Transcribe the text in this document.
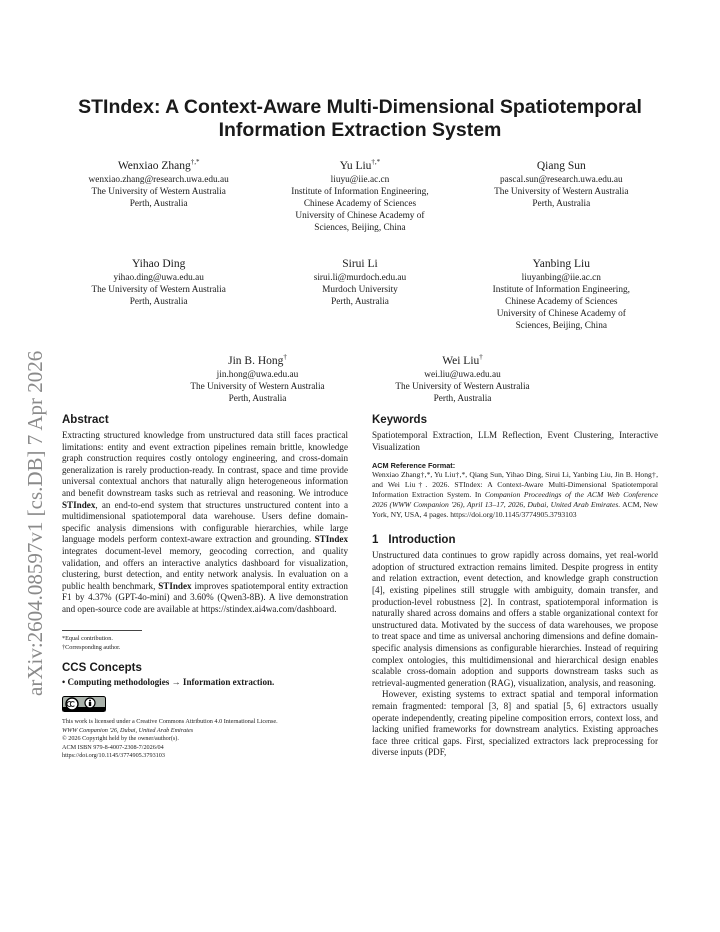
arXiv:2604.08597v1 [cs.DB] 7 Apr 2026
STIndex: A Context-Aware Multi-Dimensional Spatiotemporal Information Extraction System
Wenxiao Zhang†,*
wenxiao.zhang@research.uwa.edu.au
The University of Western Australia
Perth, Australia
Yu Liu†,*
liuyu@iie.ac.cn
Institute of Information Engineering,
Chinese Academy of Sciences
University of Chinese Academy of
Sciences, Beijing, China
Qiang Sun
pascal.sun@research.uwa.edu.au
The University of Western Australia
Perth, Australia
Yihao Ding
yihao.ding@uwa.edu.au
The University of Western Australia
Perth, Australia
Sirui Li
sirui.li@murdoch.edu.au
Murdoch University
Perth, Australia
Yanbing Liu
liuyanbing@iie.ac.cn
Institute of Information Engineering,
Chinese Academy of Sciences
University of Chinese Academy of
Sciences, Beijing, China
Jin B. Hong†
jin.hong@uwa.edu.au
The University of Western Australia
Perth, Australia
Wei Liu†
wei.liu@uwa.edu.au
The University of Western Australia
Perth, Australia
Abstract

Extracting structured knowledge from unstructured data still faces practical limitations: entity and event extraction pipelines remain brittle, knowledge graph construction requires costly ontology engineering, and cross-domain generalization is rarely production-ready. In contrast, space and time provide universal contextual anchors that naturally align heterogeneous information and benefit downstream tasks such as retrieval and reasoning. We introduce STIndex, an end-to-end system that structures unstructured content into a multidimensional spatiotemporal data warehouse. Users define domain-specific analysis dimensions with configurable hierarchies, while large language models perform context-aware extraction and grounding. STIndex integrates document-level memory, geocoding correction, and quality validation, and offers an interactive analytics dashboard for visualization, clustering, burst detection, and entity network analysis. In evaluation on a public health benchmark, STIndex improves spatiotemporal entity extraction F1 by 4.37% (GPT-4o-mini) and 3.60% (Qwen3-8B). A live demonstration and open-source code are available at https://stindex.ai4wa.com/dashboard.

*Equal contribution.
†Corresponding author.
CCS Concepts
• Computing methodologies → Information extraction.
This work is licensed under a Creative Commons Attribution 4.0 International License.
WWW Companion '26, Dubai, United Arab Emirates
© 2026 Copyright held by the owner/author(s).
ACM ISBN 979-8-4007-2308-7/2026/04
https://doi.org/10.1145/3774905.3793103
Keywords

Spatiotemporal Extraction, LLM Reflection, Event Clustering, Interactive Visualization

ACM Reference Format:
Wenxiao Zhang†,*, Yu Liu†,*, Qiang Sun, Yihao Ding, Sirui Li, Yanbing Liu, Jin B. Hong†, and Wei Liu†. 2026. STIndex: A Context-Aware Multi-Dimensional Spatiotemporal Information Extraction System. In Companion Proceedings of the ACM Web Conference 2026 (WWW Companion '26), April 13–17, 2026, Dubai, United Arab Emirates. ACM, New York, NY, USA, 4 pages. https://doi.org/10.1145/3774905.3793103
1 Introduction

Unstructured data continues to grow rapidly across domains, yet real-world adoption of structured extraction remains limited. Despite progress in entity and relation extraction, event detection, and knowledge graph construction [4], existing pipelines still struggle with ambiguity, domain transfer, and production-level robustness [2]. In contrast, spatiotemporal information is naturally shared across domains and offers a stable organizational context for unstructured data. Motivated by the success of data warehouses, we propose to treat space and time as universal anchoring dimensions and define domain-specific analysis dimensions as configurable hierarchies. Instead of requiring complex ontologies, this multidimensional and hierarchical design enables scalable cross-domain adoption and supports downstream tasks such as retrieval-augmented generation (RAG), visualization, analysis, and reasoning.

However, existing systems to extract spatial and temporal information remain fragmented: temporal [3, 8] and spatial [5, 6] extractors usually operate independently, creating pipeline composition errors, context loss, and lacking unified frameworks for downstream analytics. Existing approaches face three critical gaps. First, specialized extractors lack preprocessing for diverse inputs (PDF,
